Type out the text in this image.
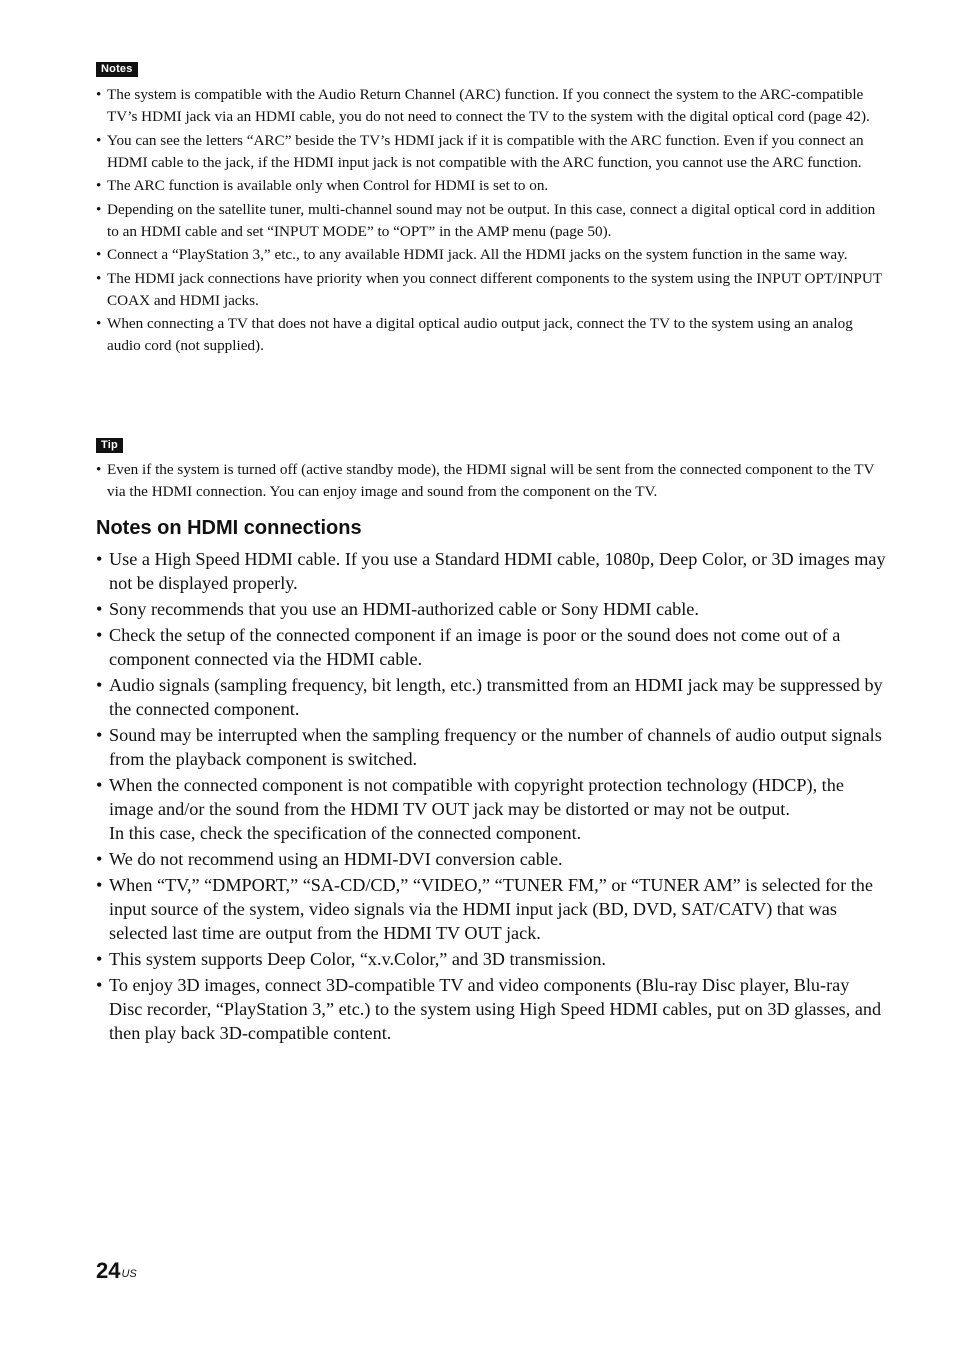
Notes
• The system is compatible with the Audio Return Channel (ARC) function. If you connect the system to the ARC-compatible TV’s HDMI jack via an HDMI cable, you do not need to connect the TV to the system with the digital optical cord (page 42).
• You can see the letters “ARC” beside the TV’s HDMI jack if it is compatible with the ARC function. Even if you connect an HDMI cable to the jack, if the HDMI input jack is not compatible with the ARC function, you cannot use the ARC function.
• The ARC function is available only when Control for HDMI is set to on.
• Depending on the satellite tuner, multi-channel sound may not be output. In this case, connect a digital optical cord in addition to an HDMI cable and set “INPUT MODE” to “OPT” in the AMP menu (page 50).
• Connect a “PlayStation 3,” etc., to any available HDMI jack. All the HDMI jacks on the system function in the same way.
• The HDMI jack connections have priority when you connect different components to the system using the INPUT OPT/INPUT COAX and HDMI jacks.
• When connecting a TV that does not have a digital optical audio output jack, connect the TV to the system using an analog audio cord (not supplied).
Tip
• Even if the system is turned off (active standby mode), the HDMI signal will be sent from the connected component to the TV via the HDMI connection. You can enjoy image and sound from the component on the TV.
Notes on HDMI connections
• Use a High Speed HDMI cable. If you use a Standard HDMI cable, 1080p, Deep Color, or 3D images may not be displayed properly.
• Sony recommends that you use an HDMI-authorized cable or Sony HDMI cable.
• Check the setup of the connected component if an image is poor or the sound does not come out of a component connected via the HDMI cable.
• Audio signals (sampling frequency, bit length, etc.) transmitted from an HDMI jack may be suppressed by the connected component.
• Sound may be interrupted when the sampling frequency or the number of channels of audio output signals from the playback component is switched.
• When the connected component is not compatible with copyright protection technology (HDCP), the image and/or the sound from the HDMI TV OUT jack may be distorted or may not be output.
In this case, check the specification of the connected component.
• We do not recommend using an HDMI-DVI conversion cable.
• When “TV,” “DMPORT,” “SA-CD/CD,” “VIDEO,” “TUNER FM,” or “TUNER AM” is selected for the input source of the system, video signals via the HDMI input jack (BD, DVD, SAT/CATV) that was selected last time are output from the HDMI TV OUT jack.
• This system supports Deep Color, “x.v.Color,” and 3D transmission.
• To enjoy 3D images, connect 3D-compatible TV and video components (Blu-ray Disc player, Blu-ray Disc recorder, “PlayStation 3,” etc.) to the system using High Speed HDMI cables, put on 3D glasses, and then play back 3D-compatible content.
$24^{US}$
